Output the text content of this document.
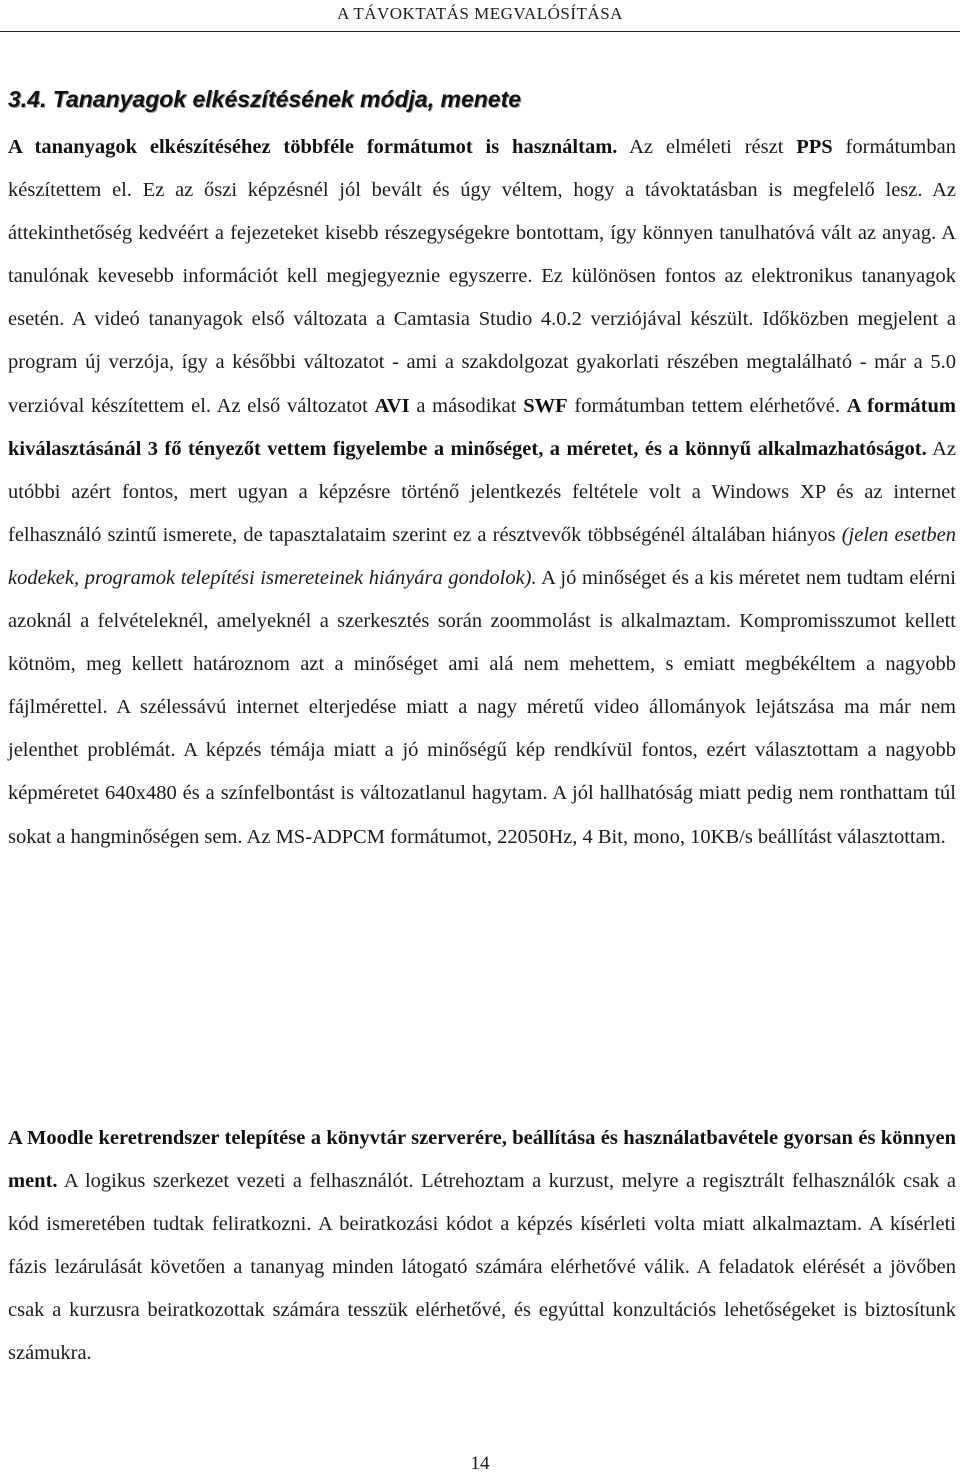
A TÁVOKTATÁS MEGVALÓSÍTÁSA
3.4. Tananyagok elkészítésének módja, menete

A tananyagok elkészítéséhez többféle formátumot is használtam. Az elméleti részt PPS formátumban készítettem el. Ez az őszi képzésnél jól bevált és úgy véltem, hogy a távoktatásban is megfelelő lesz. Az áttekinthetőség kedvéért a fejezeteket kisebb részegységekre bontottam, így könnyen tanulhatóvá vált az anyag. A tanulónak kevesebb információt kell megjegyeznie egyszerre. Ez különösen fontos az elektronikus tananyagok esetén. A videó tananyagok első változata a Camtasia Studio 4.0.2 verziójával készült. Időközben megjelent a program új verzója, így a későbbi változatot - ami a szakdolgozat gyakorlati részében megtalálható - már a 5.0 verzióval készítettem el. Az első változatot AVI a másodikat SWF formátumban tettem elérhetővé. A formátum kiválasztásánál 3 fő tényezőt vettem figyelembe a minőséget, a méretet, és a könnyű alkalmazhatóságot. Az utóbbi azért fontos, mert ugyan a képzésre történő jelentkezés feltétele volt a Windows XP és az internet felhasználó szintű ismerete, de tapasztalataim szerint ez a résztvevők többségénél általában hiányos (jelen esetben kodekek, programok telepítési ismereteinek hiányára gondolok). A jó minőséget és a kis méretet nem tudtam elérni azoknál a felvételeknél, amelyeknél a szerkesztés során zoommolást is alkalmaztam. Kompromisszumot kellett kötnöm, meg kellett határoznom azt a minőséget ami alá nem mehettem, s emiatt megbékéltem a nagyobb fájlmérettel. A szélessávú internet elterjedése miatt a nagy méretű video állományok lejátszása ma már nem jelenthet problémát. A képzés témája miatt a jó minőségű kép rendkívül fontos, ezért választottam a nagyobb képméretet 640x480 és a színfelbontást is változatlanul hagytam. A jól hallhatóság miatt pedig nem ronthattam túl sokat a hangminőségen sem. Az MS-ADPCM formátumot, 22050Hz, 4 Bit, mono, 10KB/s beállítást választottam.

A Moodle keretrendszer telepítése a könyvtár szerverére, beállítása és használatbavétele gyorsan és könnyen ment. A logikus szerkezet vezeti a felhasználót. Létrehoztam a kurzust, melyre a regisztrált felhasználók csak a kód ismeretében tudtak feliratkozni. A beiratkozási kódot a képzés kísérleti volta miatt alkalmaztam. A kísérleti fázis lezárulását követően a tananyag minden látogató számára elérhetővé válik. A feladatok elérését a jövőben csak a kurzusra beiratkozottak számára tesszük elérhetővé, és egyúttal konzultációs lehetőségeket is biztosítunk számukra.

14
